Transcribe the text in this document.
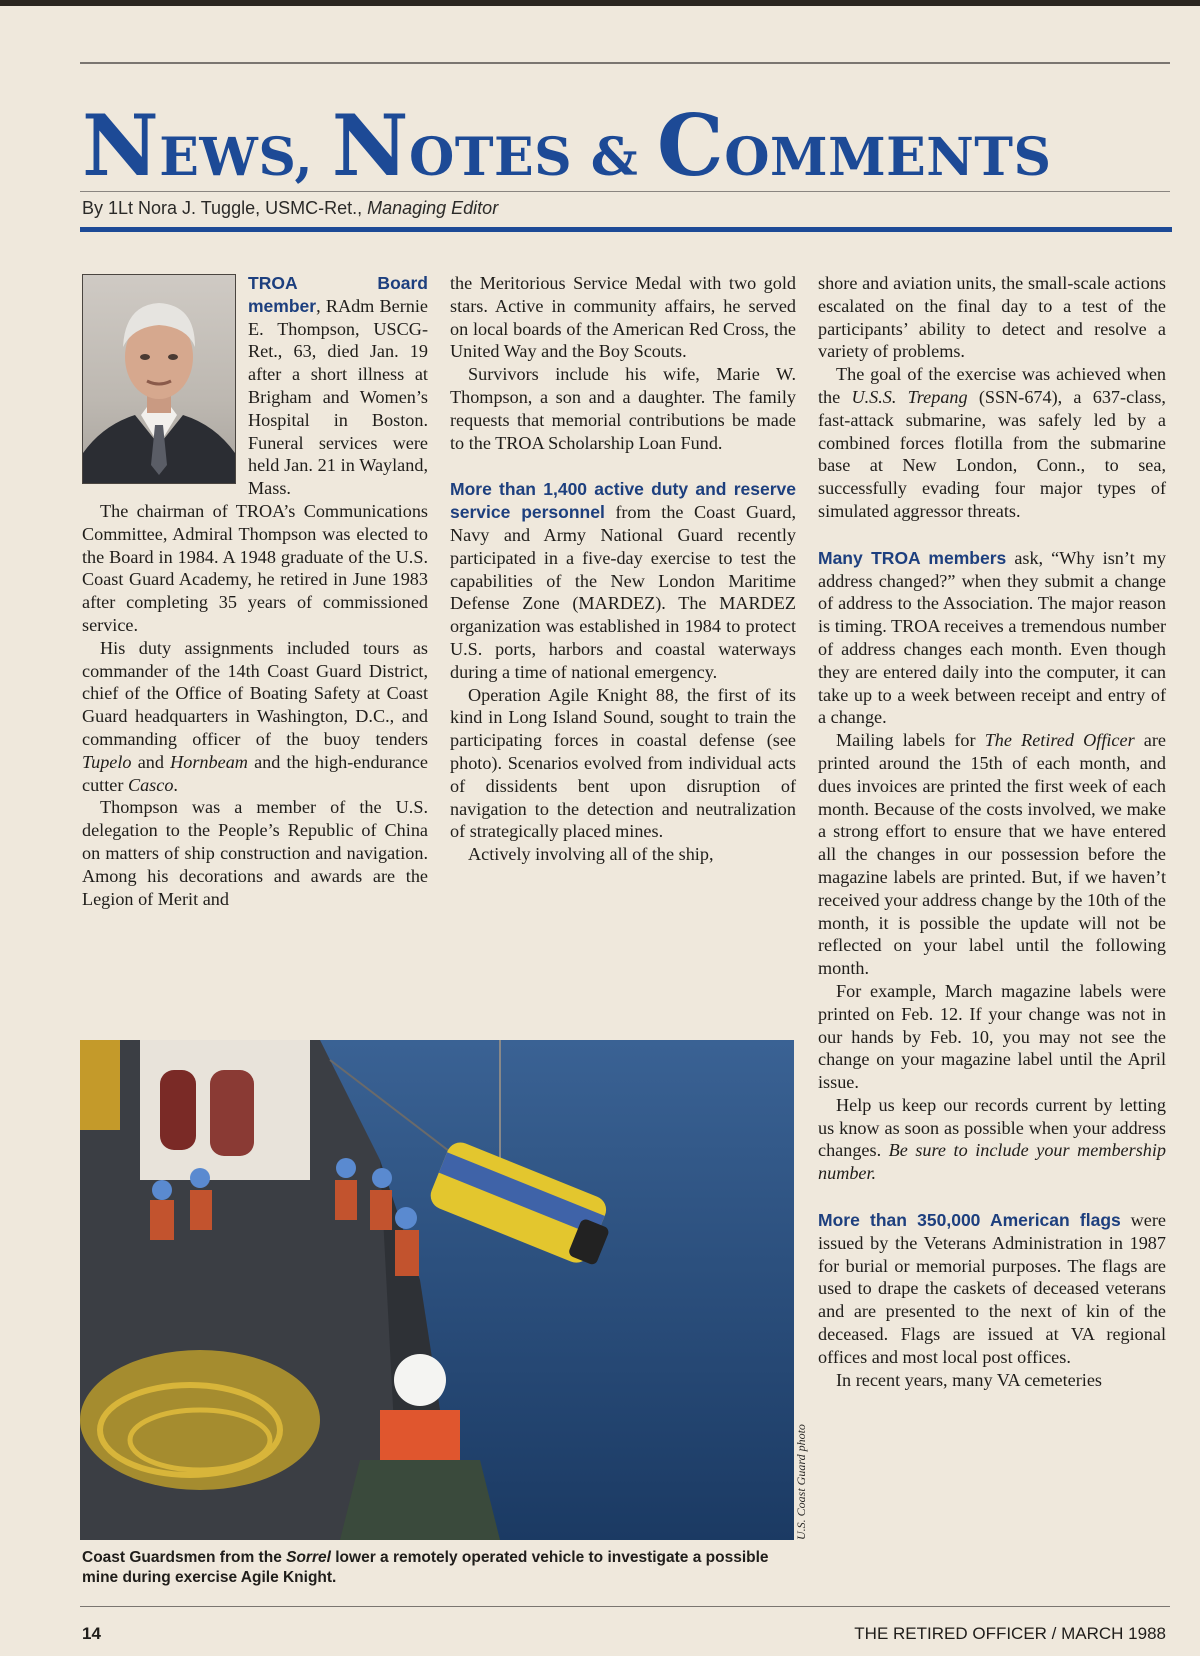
NEWS, NOTES & COMMENTS
By 1Lt Nora J. Tuggle, USMC-Ret., Managing Editor

TROA Board member, RAdm Bernie E. Thompson, USCG-Ret., 63, died Jan. 19 after a short illness at Brigham and Women’s Hospital in Boston. Funeral services were held Jan. 21 in Wayland, Mass.

The chairman of TROA’s Communications Committee, Admiral Thompson was elected to the Board in 1984. A 1948 graduate of the U.S. Coast Guard Academy, he retired in June 1983 after completing 35 years of commissioned service.

His duty assignments included tours as commander of the 14th Coast Guard District, chief of the Office of Boating Safety at Coast Guard headquarters in Washington, D.C., and commanding officer of the buoy tenders Tupelo and Hornbeam and the high-endurance cutter Casco.

Thompson was a member of the U.S. delegation to the People’s Republic of China on matters of ship construction and navigation. Among his decorations and awards are the Legion of Merit and

the Meritorious Service Medal with two gold stars. Active in community affairs, he served on local boards of the American Red Cross, the United Way and the Boy Scouts.

Survivors include his wife, Marie W. Thompson, a son and a daughter. The family requests that memorial contributions be made to the TROA Scholarship Loan Fund.

More than 1,400 active duty and reserve service personnel from the Coast Guard, Navy and Army National Guard recently participated in a five-day exercise to test the capabilities of the New London Maritime Defense Zone (MARDEZ). The MARDEZ organization was established in 1984 to protect U.S. ports, harbors and coastal waterways during a time of national emergency.

Operation Agile Knight 88, the first of its kind in Long Island Sound, sought to train the participating forces in coastal defense (see photo). Scenarios evolved from individual acts of dissidents bent upon disruption of navigation to the detection and neutralization of strategically placed mines.

Actively involving all of the ship,

shore and aviation units, the small-scale actions escalated on the final day to a test of the participants’ ability to detect and resolve a variety of problems.

The goal of the exercise was achieved when the U.S.S. Trepang (SSN-674), a 637-class, fast-attack submarine, was safely led by a combined forces flotilla from the submarine base at New London, Conn., to sea, successfully evading four major types of simulated aggressor threats.

Many TROA members ask, “Why isn’t my address changed?” when they submit a change of address to the Association. The major reason is timing. TROA receives a tremendous number of address changes each month. Even though they are entered daily into the computer, it can take up to a week between receipt and entry of a change.

Mailing labels for The Retired Officer are printed around the 15th of each month, and dues invoices are printed the first week of each month. Because of the costs involved, we make a strong effort to ensure that we have entered all the changes in our possession before the magazine labels are printed. But, if we haven’t received your address change by the 10th of the month, it is possible the update will not be reflected on your label until the following month.

For example, March magazine labels were printed on Feb. 12. If your change was not in our hands by Feb. 10, you may not see the change on your magazine label until the April issue.

Help us keep our records current by letting us know as soon as possible when your address changes. Be sure to include your membership number.

More than 350,000 American flags were issued by the Veterans Administration in 1987 for burial or memorial purposes. The flags are used to drape the caskets of deceased veterans and are presented to the next of kin of the deceased. Flags are issued at VA regional offices and most local post offices.

In recent years, many VA cemeteries

U.S. Coast Guard photo
Coast Guardsmen from the Sorrel lower a remotely operated vehicle to investigate a possible mine during exercise Agile Knight.
14	THE RETIRED OFFICER / MARCH 1988
